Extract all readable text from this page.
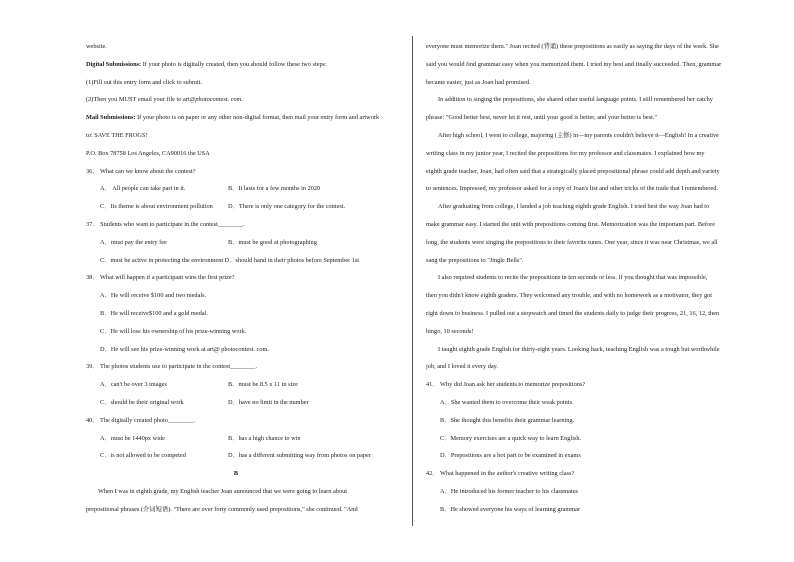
website.
Digital Submissions: If your photo is digitally created, then you should follow these two steps:
(1)Fill out this entry form and click to submit.
(2)Then you MUST email your file to art@photocontest. com.
Mail Submissions: If your photo is on paper or any other non-digital format, then mail your entry form and artwork
to: SAVE THE FROGS!
P.O. Box 78758 Los Angeles, CA90016 the USA
36． What can we know about the contest?
A． All people can take part in it.	B．It lasts for a few months in 2020
C．Its theme is about environment pollution	D．There is only one category for the contest.
37． Students who want to participate in the contest________.
A．must pay the entry fee	B．must be good at photographing
C．must be active in protecting the environment D．should hand in their photos before September 1st
38． What will happen if a participant wins the first prize?
A．He will receive $100 and two medals.
B．He will receive$100 and a gold medal.
C．He will lose his ownership of his prize-winning work.
D．He will see his prize-winning work at art@ photocontest. com.
39． The photos students use to participate in the contest________.
A．can't be over 3 images	B．must be 8.5 x 11 in size
C．should be their original work	D．have no limit in the number
40． The digitally created photo________.
A．must be 1440px wide	B．has a high chance to win
C．is not allowed to be competed	D．has a different submitting way from photos on paper
B
When I was in eighth grade, my English teacher Joan announced that we were going to learn about
prepositional phrases (介词短语). "There are over forty commonly used prepositions," she continued. "And
everyone must memorize them." Joan recited (背诵) these prepositions as easily as saying the days of the week. She
said you would find grammar easy when you memorized them. I tried my best and finally succeeded. Then, grammar
became easier, just as Joan had promised.
In addition to singing the prepositions, she shared other useful language points. I still remembered her catchy
phrase: "Good better best, never let it rest, until your good is better, and your better is best."
After high school, I went to college, majoring (主修) in—my parents couldn't believe it—English! In a creative
writing class in my junior year, I recited the prepositions for my professor and classmates. I explained how my
eighth grade teacher, Joan, had often said that a strategically placed prepositional phrase could add depth and variety
to sentences. Impressed, my professor asked for a copy of Joan's list and other tricks of the trade that I remembered.
After graduating from college, I landed a job teaching eighth grade English. I tried best the way Joan had to
make grammar easy. I started the unit with prepositions coming first. Memorization was the important part. Before
long, the students were singing the prepositions to their favorite tunes. One year, since it was near Christmas, we all
sang the prepositions to "Jingle Bells".
I also required students to recite the prepositions in ten seconds or less. If you thought that was impossible,
then you didn't know eighth graders. They welcomed any trouble, and with no homework as a motivator, they got
right down to business. I pulled out a stopwatch and timed the students daily to judge their progress, 21, 16, 12, then
bingo, 10 seconds!
I taught eighth grade English for thirty-eight years. Looking back, teaching English was a tough but worthwhile
job, and I loved it every day.
41． Why did Joan ask her students to memorize prepositions?
A．She wanted them to overcome their weak points.
B．She thought this benefits their grammar learning.
C．Memory exercises are a quick way to learn English.
D．Prepositions are a hot part to be examined in exams
42． What happened in the author's creative writing class?
A．He introduced his former teacher to his classmates
B．He showed everyone his ways of learning grammar
